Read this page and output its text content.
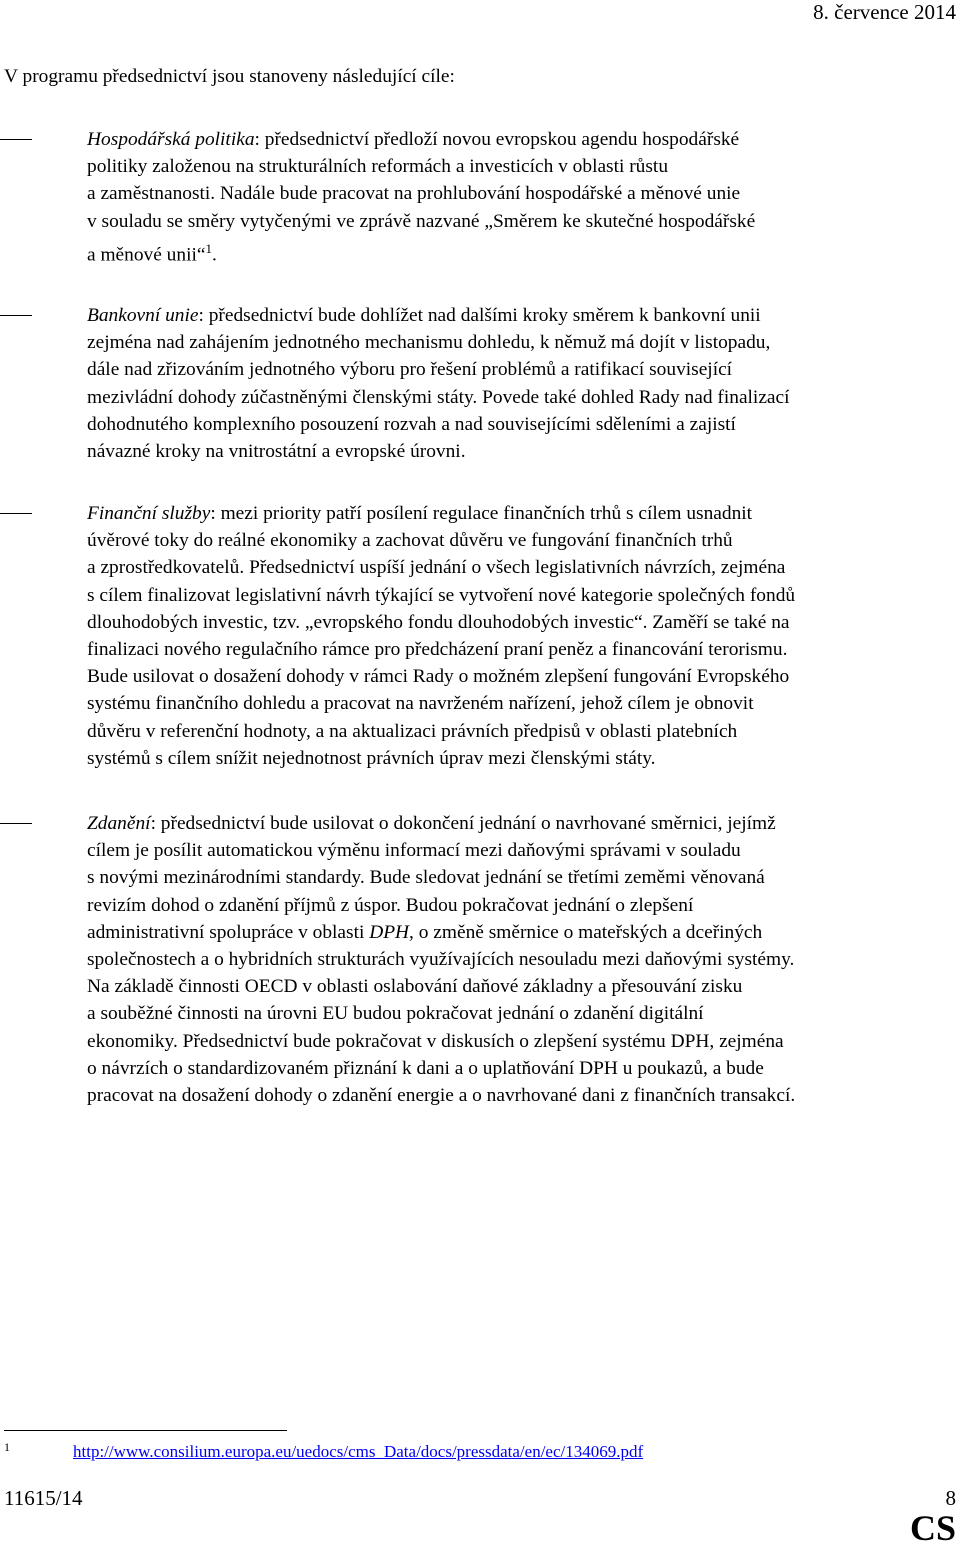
8. července 2014

V programu předsednictví jsou stanoveny následující cíle:

Hospodářská politika: předsednictví předloží novou evropskou agendu hospodářské
politiky založenou na strukturálních reformách a investicích v oblasti růstu
a zaměstnanosti. Nadále bude pracovat na prohlubování hospodářské a měnové unie
v souladu se směry vytyčenými ve zprávě nazvané „Směrem ke skutečné hospodářské
a měnové unii“$^1$.
Bankovní unie: předsednictví bude dohlížet nad dalšími kroky směrem k bankovní unii
zejména nad zahájením jednotného mechanismu dohledu, k němuž má dojít v listopadu,
dále nad zřizováním jednotného výboru pro řešení problémů a ratifikací související
mezivládní dohody zúčastněnými členskými státy. Povede také dohled Rady nad finalizací
dohodnutého komplexního posouzení rozvah a nad souvisejícími sděleními a zajistí
návazné kroky na vnitrostátní a evropské úrovni.
Finanční služby: mezi priority patří posílení regulace finančních trhů s cílem usnadnit
úvěrové toky do reálné ekonomiky a zachovat důvěru ve fungování finančních trhů
a zprostředkovatelů. Předsednictví uspíší jednání o všech legislativních návrzích, zejména
s cílem finalizovat legislativní návrh týkající se vytvoření nové kategorie společných fondů
dlouhodobých investic, tzv. „evropského fondu dlouhodobých investic“. Zaměří se také na
finalizaci nového regulačního rámce pro předcházení praní peněz a financování terorismu.
Bude usilovat o dosažení dohody v rámci Rady o možném zlepšení fungování Evropského
systému finančního dohledu a pracovat na navrženém nařízení, jehož cílem je obnovit
důvěru v referenční hodnoty, a na aktualizaci právních předpisů v oblasti platebních
systémů s cílem snížit nejednotnost právních úprav mezi členskými státy.
Zdanění: předsednictví bude usilovat o dokončení jednání o navrhované směrnici, jejímž
cílem je posílit automatickou výměnu informací mezi daňovými správami v souladu
s novými mezinárodními standardy. Bude sledovat jednání se třetími zeměmi věnovaná
revizím dohod o zdanění příjmů z úspor. Budou pokračovat jednání o zlepšení
administrativní spolupráce v oblasti DPH, o změně směrnice o mateřských a dceřiných
společnostech a o hybridních strukturách využívajících nesouladu mezi daňovými systémy.
Na základě činnosti OECD v oblasti oslabování daňové základny a přesouvání zisku
a souběžné činnosti na úrovni EU budou pokračovat jednání o zdanění digitální
ekonomiky. Předsednictví bude pokračovat v diskusích o zlepšení systému DPH, zejména
o návrzích o standardizovaném přiznání k dani a o uplatňování DPH u poukazů, a bude
pracovat na dosažení dohody o zdanění energie a o navrhované dani z finančních transakcí.
1	http://www.consilium.europa.eu/uedocs/cms_Data/docs/pressdata/en/ec/134069.pdf
11615/14	8
CS
